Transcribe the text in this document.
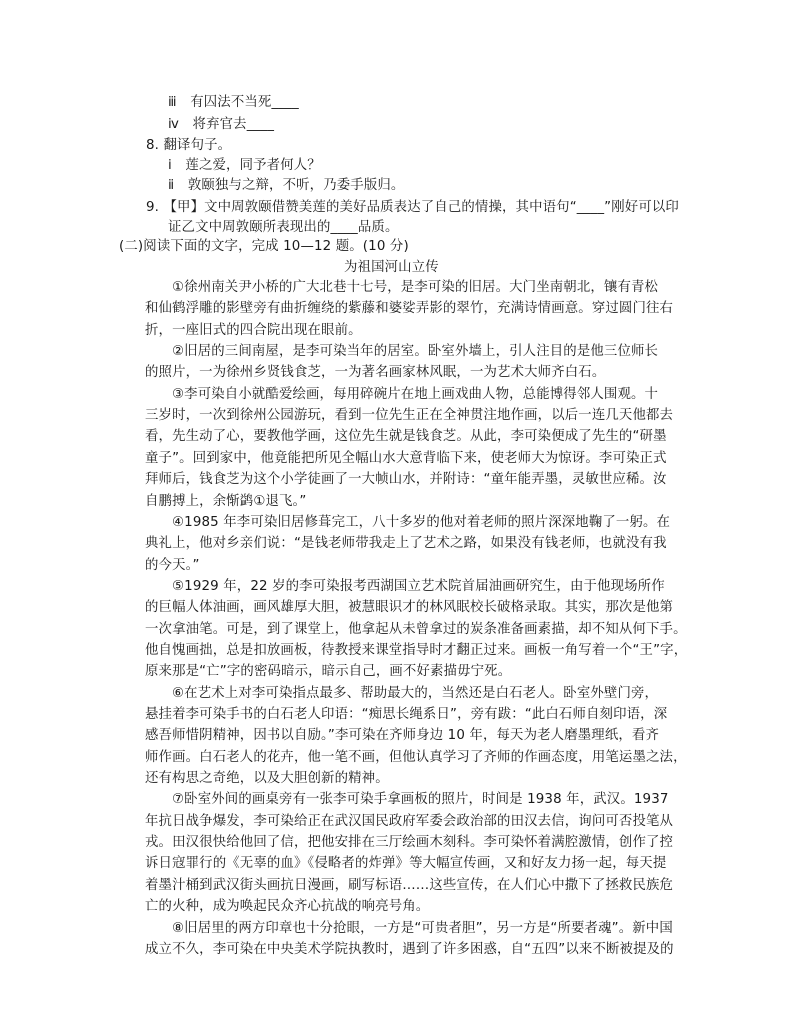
ⅲ　有囚法不当死____
ⅳ　将弃官去____
8. 翻译句子。
ⅰ　莲之爱，同予者何人？
ⅱ　敦颐独与之辩，不听，乃委手版归。
9. 【甲】文中周敦颐借赞美莲的美好品质表达了自己的情操，其中语句“____”刚好可以印
证乙文中周敦颐所表现出的____品质。
(二)阅读下面的文字，完成 10—12 题。(10 分)
为祖国河山立传
①徐州南关尹小桥的广大北巷十七号，是李可染的旧居。大门坐南朝北，镶有青松
和仙鹤浮雕的影壁旁有曲折缠绕的紫藤和婆娑弄影的翠竹，充满诗情画意。穿过圆门往右
折，一座旧式的四合院出现在眼前。
②旧居的三间南屋，是李可染当年的居室。卧室外墙上，引人注目的是他三位师长
的照片，一为徐州乡贤钱食芝，一为著名画家林风眠，一为艺术大师齐白石。
③李可染自小就酷爱绘画，每用碎碗片在地上画戏曲人物，总能博得邻人围观。十
三岁时，一次到徐州公园游玩，看到一位先生正在全神贯注地作画，以后一连几天他都去
看，先生动了心，要教他学画，这位先生就是钱食芝。从此，李可染便成了先生的“研墨
童子”。回到家中，他竟能把所见全幅山水大意背临下来，使老师大为惊讶。李可染正式
拜师后，钱食芝为这个小学徒画了一大帧山水，并附诗：“童年能弄墨，灵敏世应稀。汝
自鹏搏上，余惭鹢①退飞。”
④1985 年李可染旧居修葺完工，八十多岁的他对着老师的照片深深地鞠了一躬。在
典礼上，他对乡亲们说：“是钱老师带我走上了艺术之路，如果没有钱老师，也就没有我
的今天。”
⑤1929 年，22 岁的李可染报考西湖国立艺术院首届油画研究生，由于他现场所作
的巨幅人体油画，画风雄厚大胆，被慧眼识才的林风眠校长破格录取。其实，那次是他第
一次拿油笔。可是，到了课堂上，他拿起从未曾拿过的炭条准备画素描，却不知从何下手。
他自愧画拙，总是扣放画板，待教授来课堂指导时才翻正过来。画板一角写着一个“王”字，
原来那是“亡”字的密码暗示，暗示自己，画不好素描毋宁死。
⑥在艺术上对李可染指点最多、帮助最大的，当然还是白石老人。卧室外壁门旁，
悬挂着李可染手书的白石老人印语：“痴思长绳系日”，旁有跋：“此白石师自刻印语，深
感吾师惜阴精神，因书以自励。”李可染在齐师身边 10 年，每天为老人磨墨理纸，看齐
师作画。白石老人的花卉，他一笔不画，但他认真学习了齐师的作画态度，用笔运墨之法，
还有构思之奇绝，以及大胆创新的精神。
⑦卧室外间的画桌旁有一张李可染手拿画板的照片，时间是 1938 年，武汉。1937
年抗日战争爆发，李可染给正在武汉国民政府军委会政治部的田汉去信，询问可否投笔从
戎。田汉很快给他回了信，把他安排在三厅绘画木刻科。李可染怀着满腔激情，创作了控
诉日寇罪行的《无辜的血》《侵略者的炸弹》等大幅宣传画，又和好友力扬一起，每天提
着墨汁桶到武汉街头画抗日漫画，刷写标语……这些宣传，在人们心中撒下了拯救民族危
亡的火种，成为唤起民众齐心抗战的响亮号角。
⑧旧居里的两方印章也十分抢眼，一方是“可贵者胆”，另一方是“所要者魂”。新中国
成立不久，李可染在中央美术学院执教时，遇到了许多困惑，自“五四”以来不断被提及的
